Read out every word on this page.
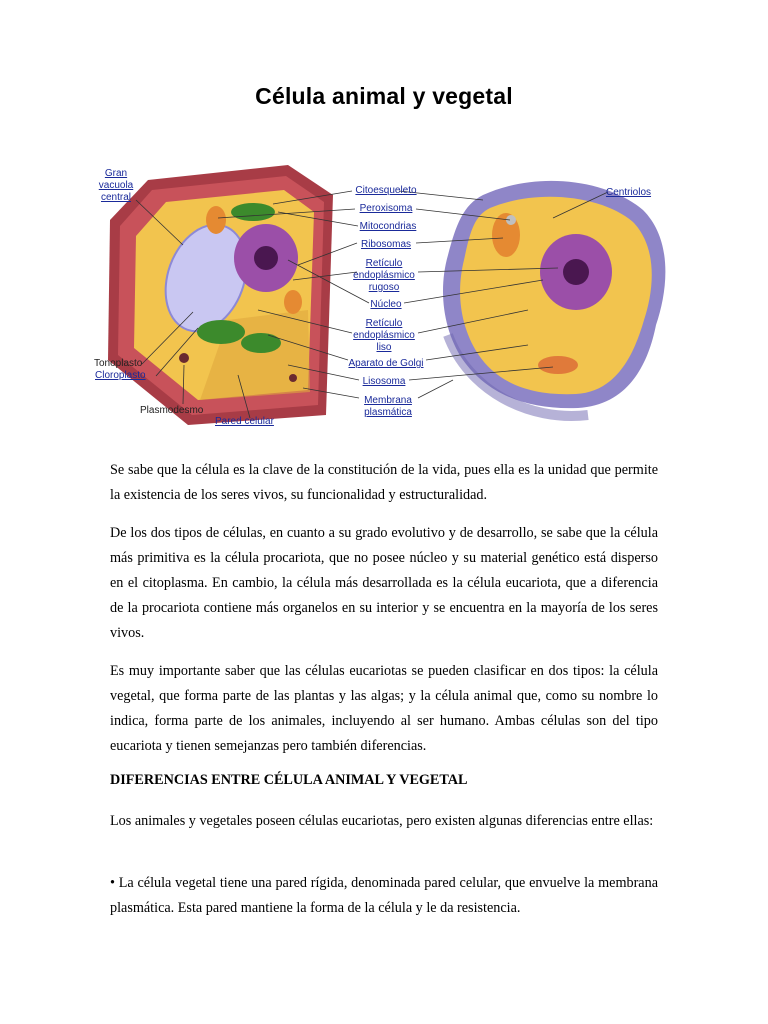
Célula animal y vegetal
Gran
vacuola
central
Tonoplasto
Cloroplasto
Plasmodesmo
Pared celular
Citoesqueleto
Peroxisoma
Mitocondrias
Ribosomas
Retículo
endoplásmico
rugoso
Núcleo
Retículo
endoplásmico
liso
Aparato de Golgi
Lisosoma
Membrana
plasmática
Centriolos
Se sabe que la célula es la clave de la constitución de la vida, pues ella es la unidad que permite la existencia de los seres vivos, su funcionalidad y estructuralidad.
De los dos tipos de células, en cuanto a su grado evolutivo y de desarrollo, se sabe que la célula más primitiva es la célula procariota, que no posee núcleo y su material genético está disperso en el citoplasma. En cambio, la célula más desarrollada es la célula eucariota, que a diferencia de la procariota contiene más organelos en su interior y se encuentra en la mayoría de los seres vivos.
Es muy importante saber que las células eucariotas se pueden clasificar en dos tipos: la célula vegetal, que forma parte de las plantas y las algas; y la célula animal que, como su nombre lo indica, forma parte de los animales, incluyendo al ser humano. Ambas células son del tipo eucariota y tienen semejanzas pero también diferencias.
DIFERENCIAS ENTRE CÉLULA ANIMAL Y VEGETAL
Los animales y vegetales poseen células eucariotas, pero existen algunas diferencias entre ellas:
• La célula vegetal tiene una pared rígida, denominada pared celular, que envuelve la membrana plasmática. Esta pared mantiene la forma de la célula y le da resistencia.
